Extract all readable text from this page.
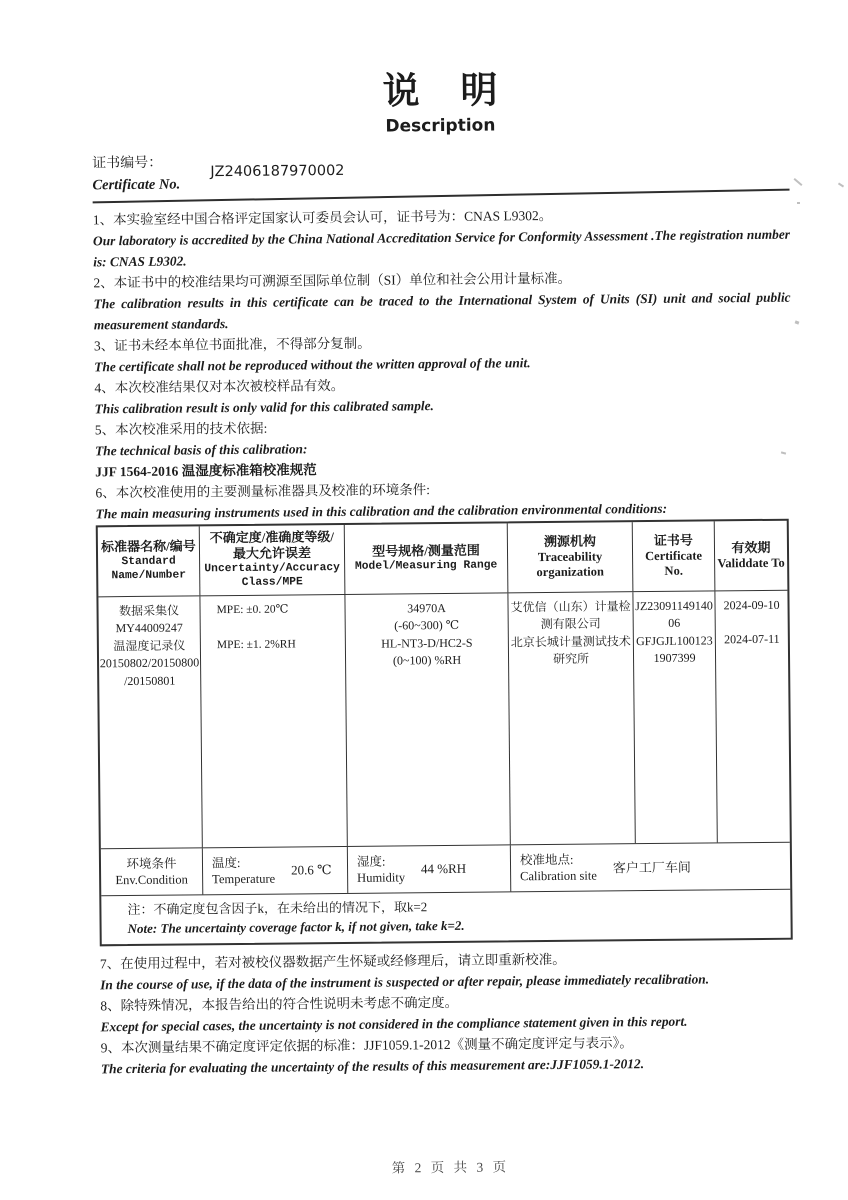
说 明
Description
证书编号：
Certificate No.
JZ2406187970002
1、本实验室经中国合格评定国家认可委员会认可，证书号为：CNAS L9302。
Our laboratory is accredited by the China National Accreditation Service for Conformity Assessment .The registration number is: CNAS L9302.
2、本证书中的校准结果均可溯源至国际单位制（SI）单位和社会公用计量标准。
The calibration results in this certificate can be traced to the International System of Units (SI) unit and social public measurement standards.
3、证书未经本单位书面批准，不得部分复制。
The certificate shall not be reproduced without the written approval of the unit.
4、本次校准结果仅对本次被校样品有效。
This calibration result is only valid for this calibrated sample.
5、本次校准采用的技术依据:
The technical basis of this calibration:
JJF 1564-2016 温湿度标准箱校准规范
6、本次校准使用的主要测量标准器具及校准的环境条件:
The main measuring instruments used in this calibration and the calibration environmental conditions:
标准器名称/编号
Standard
Name/Number
不确定度/准确度等级/
最大允许误差
Uncertainty/Accuracy
Class/MPE
型号规格/测量范围
Model/Measuring Range
溯源机构
Traceability
organization
证书号
Certificate
No.
有效期
Validdate To
数据采集仪
MY44009247
温湿度记录仪
20150802/20150800
/20150801
MPE: ±0. 20℃
MPE: ±1. 2%RH
34970A
(-60~300) ℃
HL-NT3-D/HC2-S
(0~100) %RH
艾优信（山东）计量检
测有限公司
北京长城计量测试技术
研究所
JZ23091149140
06
GFJGJL100123
1907399
2024-09-10
2024-07-11
环境条件
Env.Condition
温度:
Temperature
20.6 ℃
湿度:
Humidity
44 %RH
校准地点:
Calibration site
客户工厂车间
注：不确定度包含因子k，在未给出的情况下，取k=2
Note: The uncertainty coverage factor k, if not given, take k=2.
7、在使用过程中，若对被校仪器数据产生怀疑或经修理后，请立即重新校准。
In the course of use, if the data of the instrument is suspected or after repair, please immediately recalibration.
8、除特殊情况，本报告给出的符合性说明未考虑不确定度。
Except for special cases, the uncertainty is not considered in the compliance statement given in this report.
9、本次测量结果不确定度评定依据的标准：JJF1059.1-2012《测量不确定度评定与表示》。
The criteria for evaluating the uncertainty of the results of this measurement are:JJF1059.1-2012.
第 2 页 共 3 页
